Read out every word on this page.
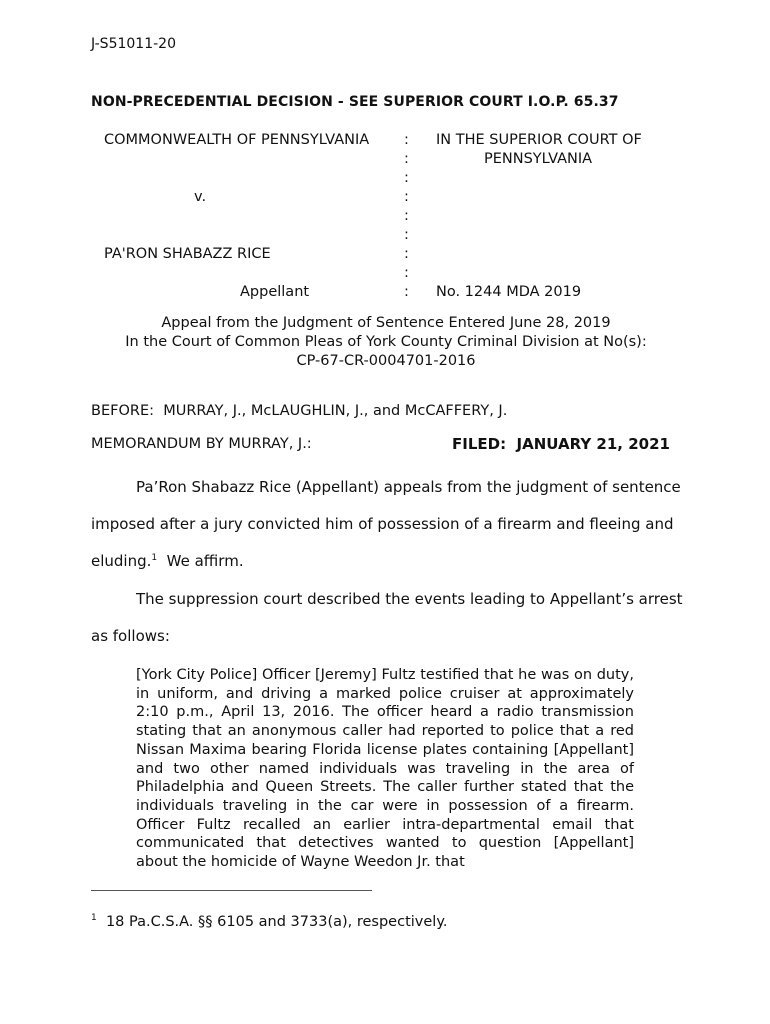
J-S51011-20
NON-PRECEDENTIAL DECISION - SEE SUPERIOR COURT I.O.P. 65.37
COMMONWEALTH OF PENNSYLVANIA
v.
PA'RON SHABAZZ RICE
Appellant
:
:
:
:
:
:
:
:
:
IN THE SUPERIOR COURT OF
PENNSYLVANIA
No. 1244 MDA 2019
Appeal from the Judgment of Sentence Entered June 28, 2019
In the Court of Common Pleas of York County Criminal Division at No(s):
CP-67-CR-0004701-2016
BEFORE:  MURRAY, J., McLAUGHLIN, J., and McCAFFERY, J.
MEMORANDUM BY MURRAY, J.:	FILED:  JANUARY 21, 2021
Pa’Ron Shabazz Rice (Appellant) appeals from the judgment of sentence
imposed after a jury convicted him of possession of a firearm and fleeing and
eluding.$^1$  We affirm.
The suppression court described the events leading to Appellant’s arrest
as follows:
[York City Police] Officer [Jeremy] Fultz testified that he was on duty, in uniform, and driving a marked police cruiser at approximately 2:10 p.m., April 13, 2016. The officer heard a radio transmission stating that an anonymous caller had reported to police that a red Nissan Maxima bearing Florida license plates containing [Appellant] and two other named individuals was traveling in the area of Philadelphia and Queen Streets. The caller further stated that the individuals traveling in the car were in possession of a firearm. Officer Fultz recalled an earlier intra-departmental email that communicated that detectives wanted to question [Appellant] about the homicide of Wayne Weedon Jr. that
$^1$  18 Pa.C.S.A. §§ 6105 and 3733(a), respectively.
